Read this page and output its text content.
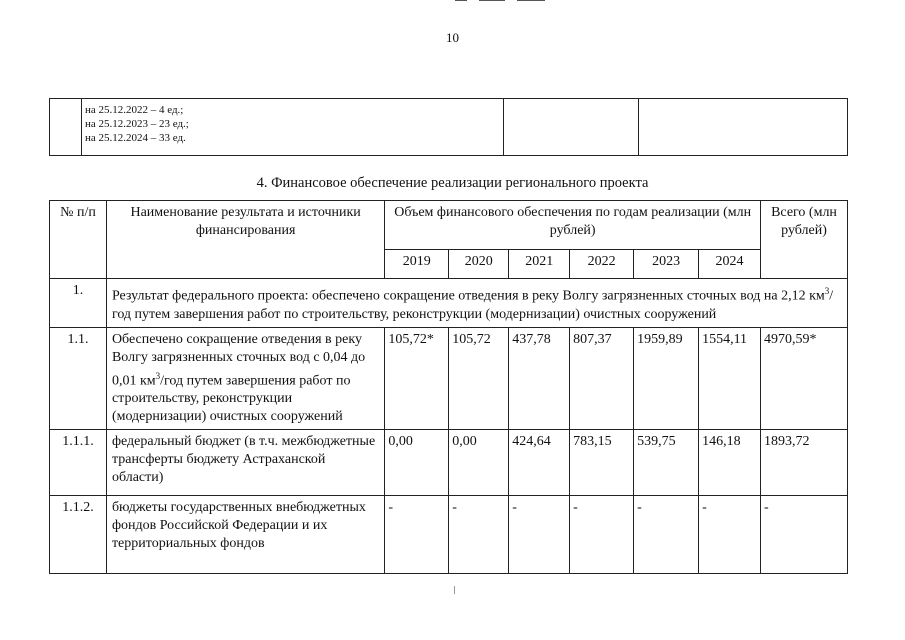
10

на 25.12.2022 – 4 ед.;
на 25.12.2023 – 23 ед.;
на 25.12.2024 – 33 ед.

4. Финансовое обеспечение реализации регионального проекта
№ п/п	Наименование результата и источники финансирования	Объем финансового обеспечения по годам реализации (млн рублей)						Всего (млн рублей)
		2019	2020	2021	2022	2023	2024	
1.	Результат федерального проекта: обеспечено сокращение отведения в реку Волгу загрязненных сточных вод на 2,12 $км^3$/год путем завершения работ по строительству, реконструкции (модернизации) очистных сооружений							
1.1.	Обеспечено сокращение отведения в реку Волгу загрязненных сточных вод с 0,04 до 0,01 $км^3$/год путем завершения работ по строительству, реконструкции (модернизации) очистных сооружений	105,72*	105,72	437,78	807,37	1959,89	1554,11	4970,59*
1.1.1.	федеральный бюджет (в т.ч. межбюджетные трансферты бюджету Астраханской области)	0,00	0,00	424,64	783,15	539,75	146,18	1893,72
1.1.2.	бюджеты государственных внебюджетных фондов Российской Федерации и их территориальных фондов	-	-	-	-	-	-	-
